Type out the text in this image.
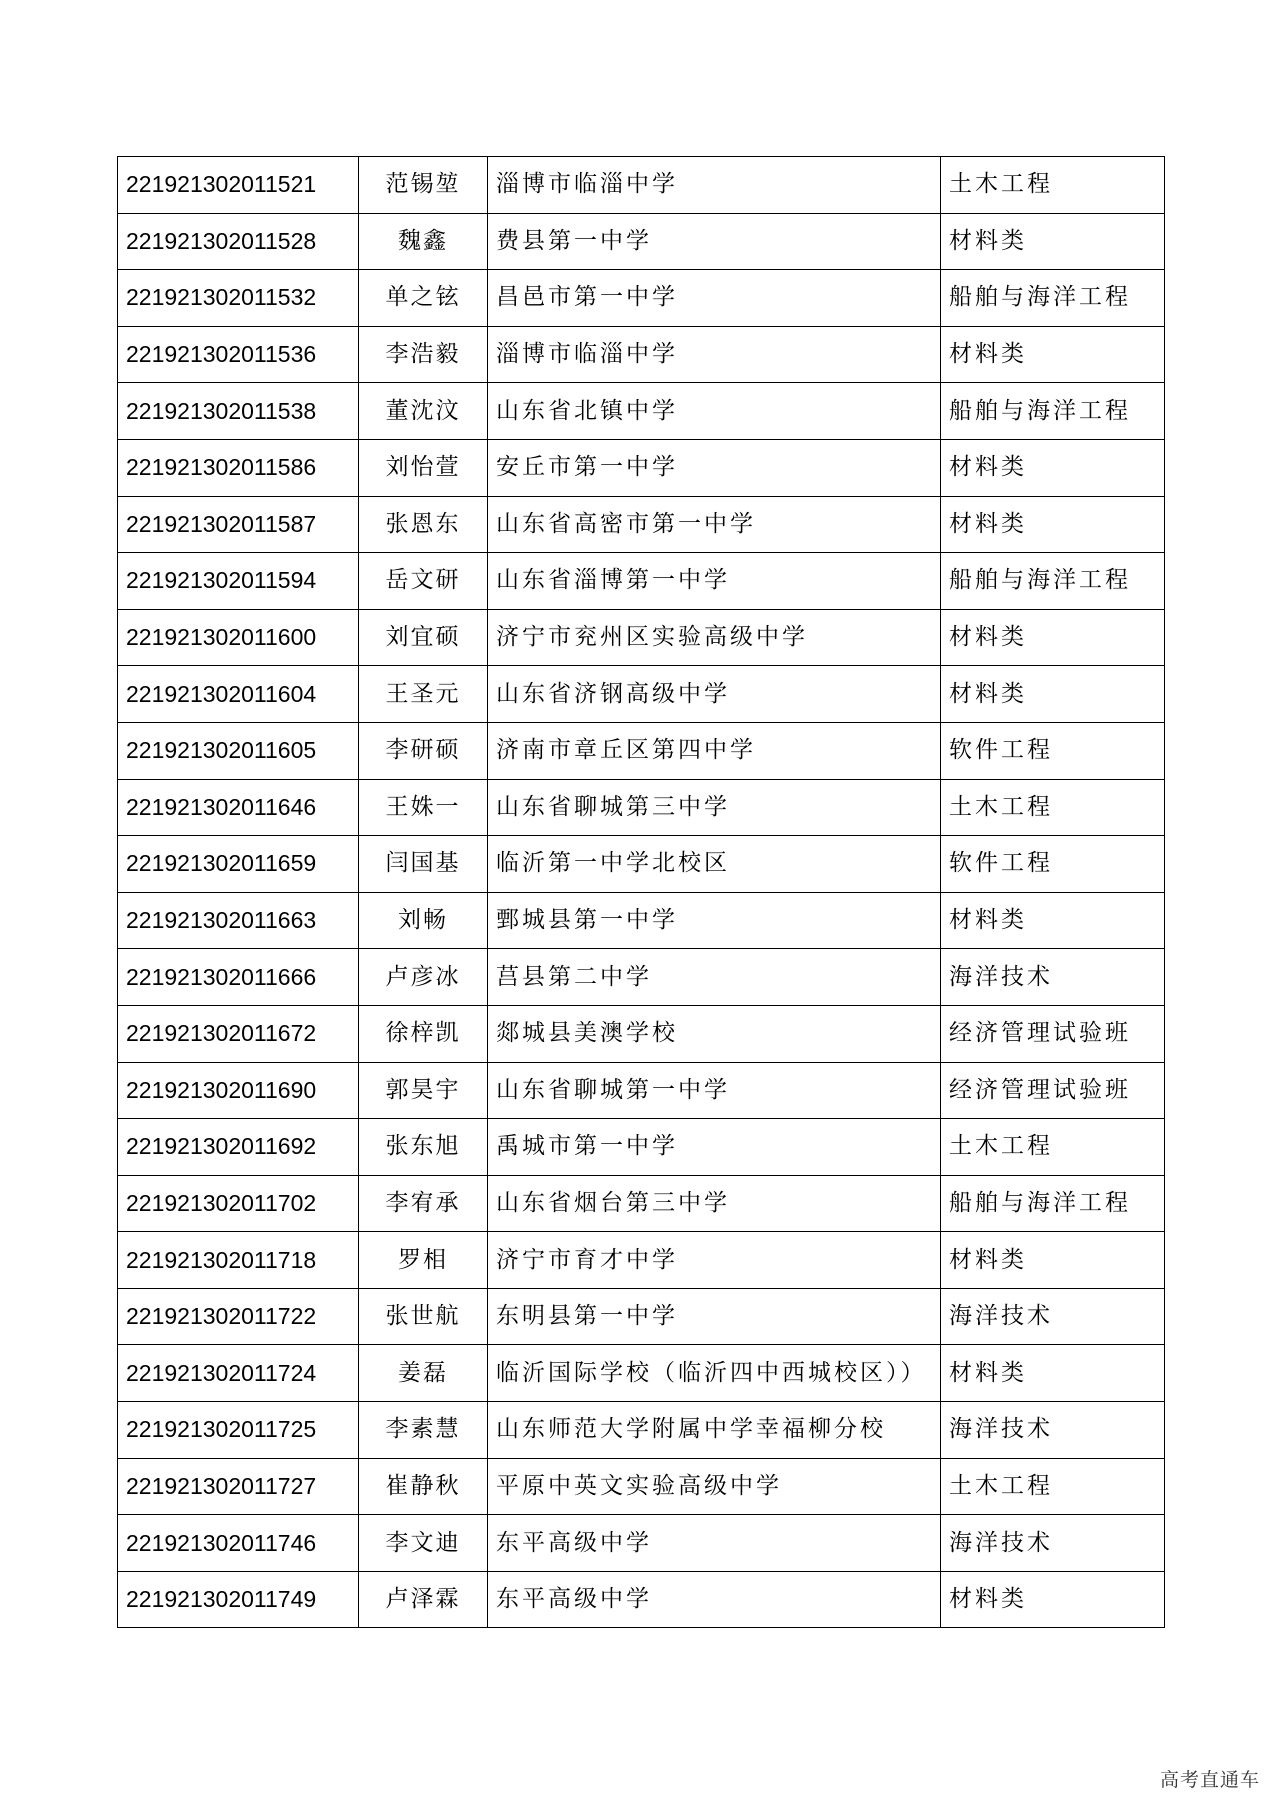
221921302011521	范锡堃	淄博市临淄中学	土木工程
221921302011528	魏鑫	费县第一中学	材料类
221921302011532	单之铉	昌邑市第一中学	船舶与海洋工程
221921302011536	李浩毅	淄博市临淄中学	材料类
221921302011538	董沈汶	山东省北镇中学	船舶与海洋工程
221921302011586	刘怡萱	安丘市第一中学	材料类
221921302011587	张恩东	山东省高密市第一中学	材料类
221921302011594	岳文研	山东省淄博第一中学	船舶与海洋工程
221921302011600	刘宜硕	济宁市兖州区实验高级中学	材料类
221921302011604	王圣元	山东省济钢高级中学	材料类
221921302011605	李研硕	济南市章丘区第四中学	软件工程
221921302011646	王姝一	山东省聊城第三中学	土木工程
221921302011659	闫国基	临沂第一中学北校区	软件工程
221921302011663	刘畅	鄄城县第一中学	材料类
221921302011666	卢彦冰	莒县第二中学	海洋技术
221921302011672	徐梓凯	郯城县美澳学校	经济管理试验班
221921302011690	郭昊宇	山东省聊城第一中学	经济管理试验班
221921302011692	张东旭	禹城市第一中学	土木工程
221921302011702	李宥承	山东省烟台第三中学	船舶与海洋工程
221921302011718	罗相	济宁市育才中学	材料类
221921302011722	张世航	东明县第一中学	海洋技术
221921302011724	姜磊	临沂国际学校（临沂四中西城校区））	材料类
221921302011725	李素慧	山东师范大学附属中学幸福柳分校	海洋技术
221921302011727	崔静秋	平原中英文实验高级中学	土木工程
221921302011746	李文迪	东平高级中学	海洋技术
221921302011749	卢泽霖	东平高级中学	材料类
高考直通车
